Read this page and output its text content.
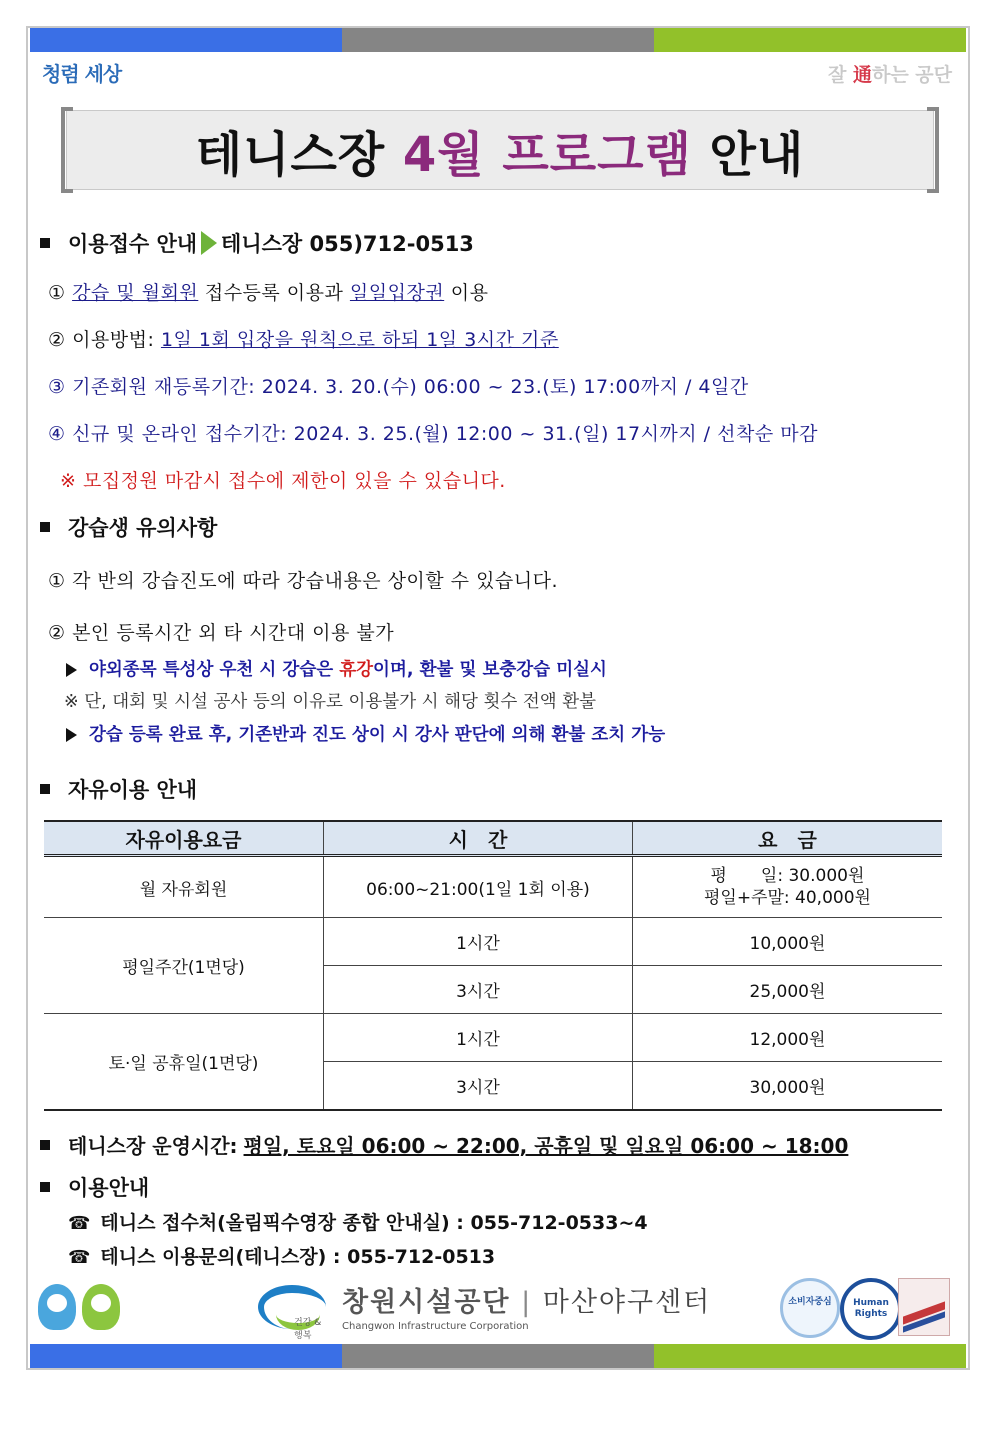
청렴 세상	잘 通하는 공단
테니스장 4월 프로그램 안내
이용접수 안내 테니스장 055)712-0513
① 강습 및 월회원 접수등록 이용과 일일입장권 이용
② 이용방법: 1일 1회 입장을 원칙으로 하되 1일 3시간 기준
③ 기존회원 재등록기간: 2024. 3. 20.(수) 06:00 ~ 23.(토) 17:00까지 / 4일간
④ 신규 및 온라인 접수기간: 2024. 3. 25.(월) 12:00 ~ 31.(일) 17시까지 / 선착순 마감
※ 모집정원 마감시 접수에 제한이 있을 수 있습니다.
강습생 유의사항
① 각 반의 강습진도에 따라 강습내용은 상이할 수 있습니다.
② 본인 등록시간 외 타 시간대 이용 불가
야외종목 특성상 우천 시 강습은 휴강이며, 환불 및 보충강습 미실시
※ 단, 대회 및 시설 공사 등의 이유로 이용불가 시 해당 횟수 전액 환불
강습 등록 완료 후, 기존반과 진도 상이 시 강사 판단에 의해 환불 조치 가능
자유이용 안내
자유이용요금	시　간	요　금
월 자유회원	06:00~21:00(1일 1회 이용)	평　　일: 30.000원
평일+주말: 40,000원

평일주간(1면당)	1시간	10,000원
	3시간	25,000원
토·일 공휴일(1면당)	1시간	12,000원
	3시간	30,000원
테니스장 운영시간: 평일, 토요일 06:00 ~ 22:00, 공휴일 및 일요일 06:00 ~ 18:00
이용안내
☎ 테니스 접수처(올림픽수영장 종합 안내실) : 055-712-0533~4
☎ 테니스 이용문의(테니스장) : 055-712-0513
건강 & 행복
창원시설공단 | 마산야구센터
Changwon Infrastructure Corporation
소비자중심	Human Rights
